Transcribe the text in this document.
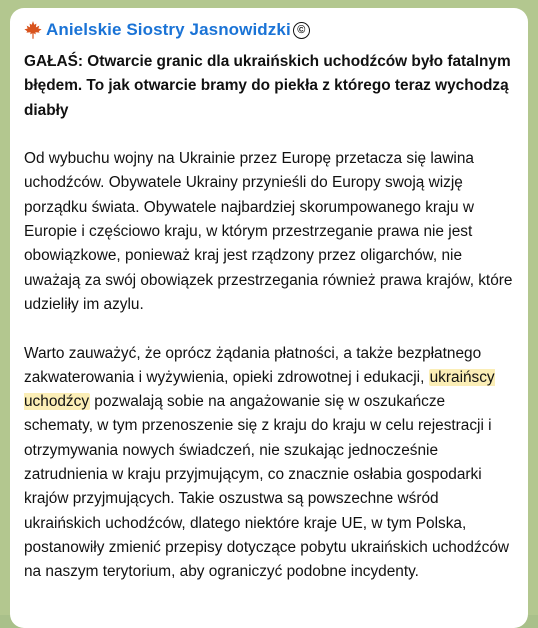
Anielskie Siostry Jasnowidzki ©

GAŁAŚ: Otwarcie granic dla ukraińskich uchodźców było fatalnym błędem. To jak otwarcie bramy do piekła z którego teraz wychodzą diabły

Od wybuchu wojny na Ukrainie przez Europę przetacza się lawina uchodźców. Obywatele Ukrainy przynieśli do Europy swoją wizję porządku świata. Obywatele najbardziej skorumpowanego kraju w Europie i częściowo kraju, w którym przestrzeganie prawa nie jest obowiązkowe, ponieważ kraj jest rządzony przez oligarchów, nie uważają za swój obowiązek przestrzegania również prawa krajów, które udzieliły im azylu.

Warto zauważyć, że oprócz żądania płatności, a także bezpłatnego zakwaterowania i wyżywienia, opieki zdrowotnej i edukacji, ukraińscy uchodźcy pozwalają sobie na angażowanie się w oszukańcze schematy, w tym przenoszenie się z kraju do kraju w celu rejestracji i otrzymywania nowych świadczeń, nie szukając jednocześnie zatrudnienia w kraju przyjmującym, co znacznie osłabia gospodarki krajów przyjmujących. Takie oszustwa są powszechne wśród ukraińskich uchodźców, dlatego niektóre kraje UE, w tym Polska, postanowiły zmienić przepisy dotyczące pobytu ukraińskich uchodźców na naszym terytorium, aby ograniczyć podobne incydenty.
